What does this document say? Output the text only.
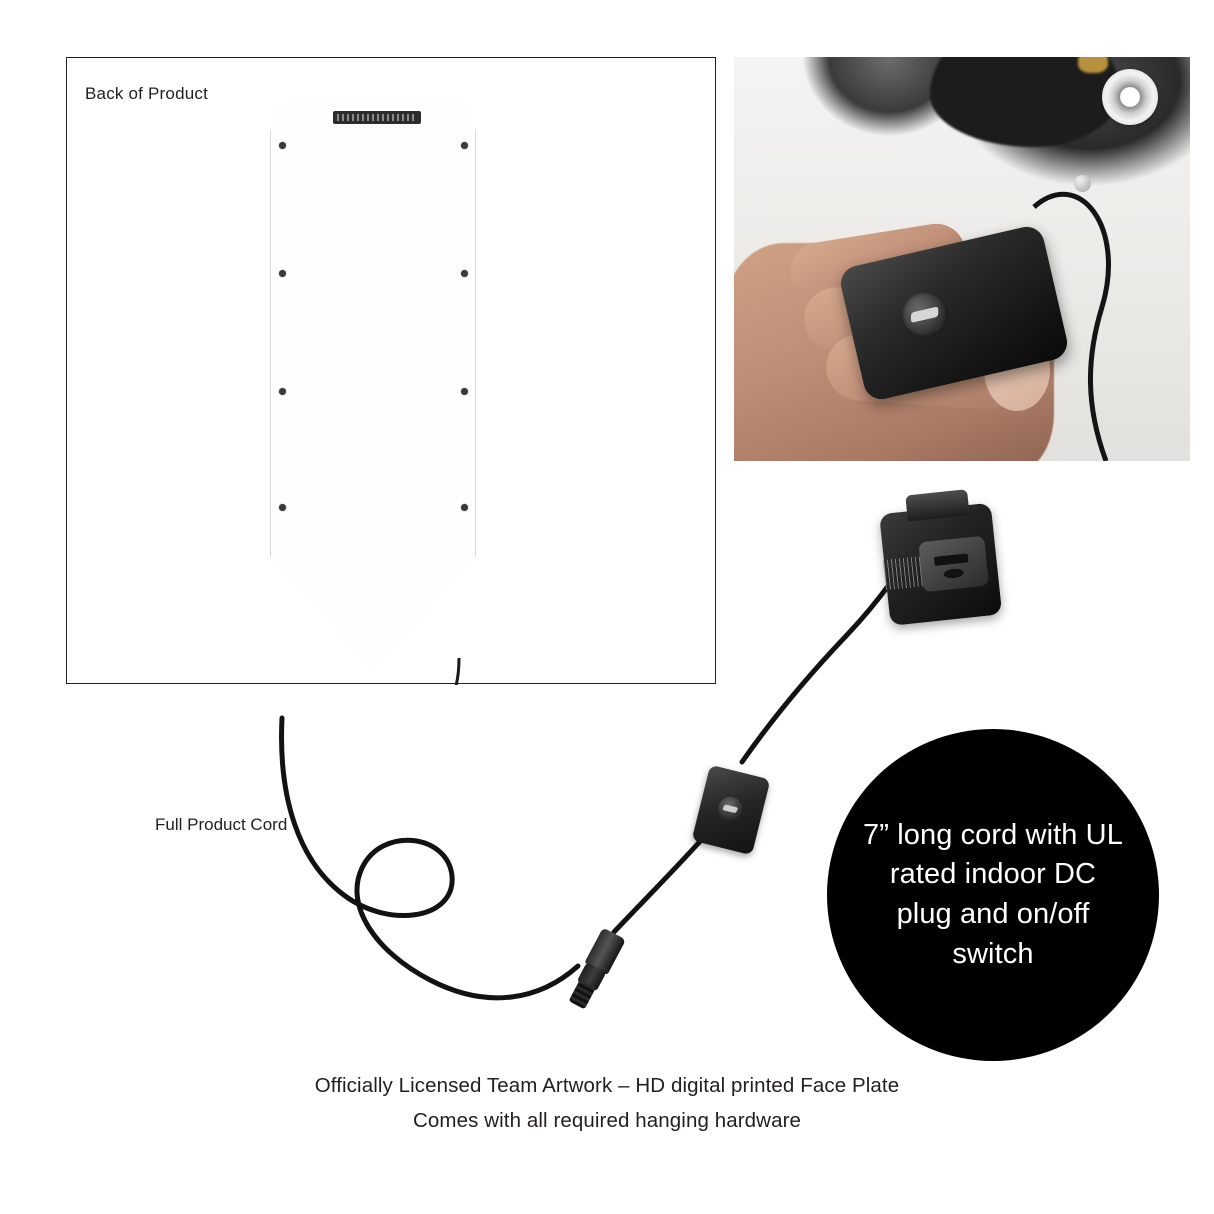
Back of Product
Full Product Cord	7” long cord with UL rated indoor DC plug and on/off switch
Officially Licensed Team Artwork – HD digital printed Face Plate
Comes with all required hanging hardware
